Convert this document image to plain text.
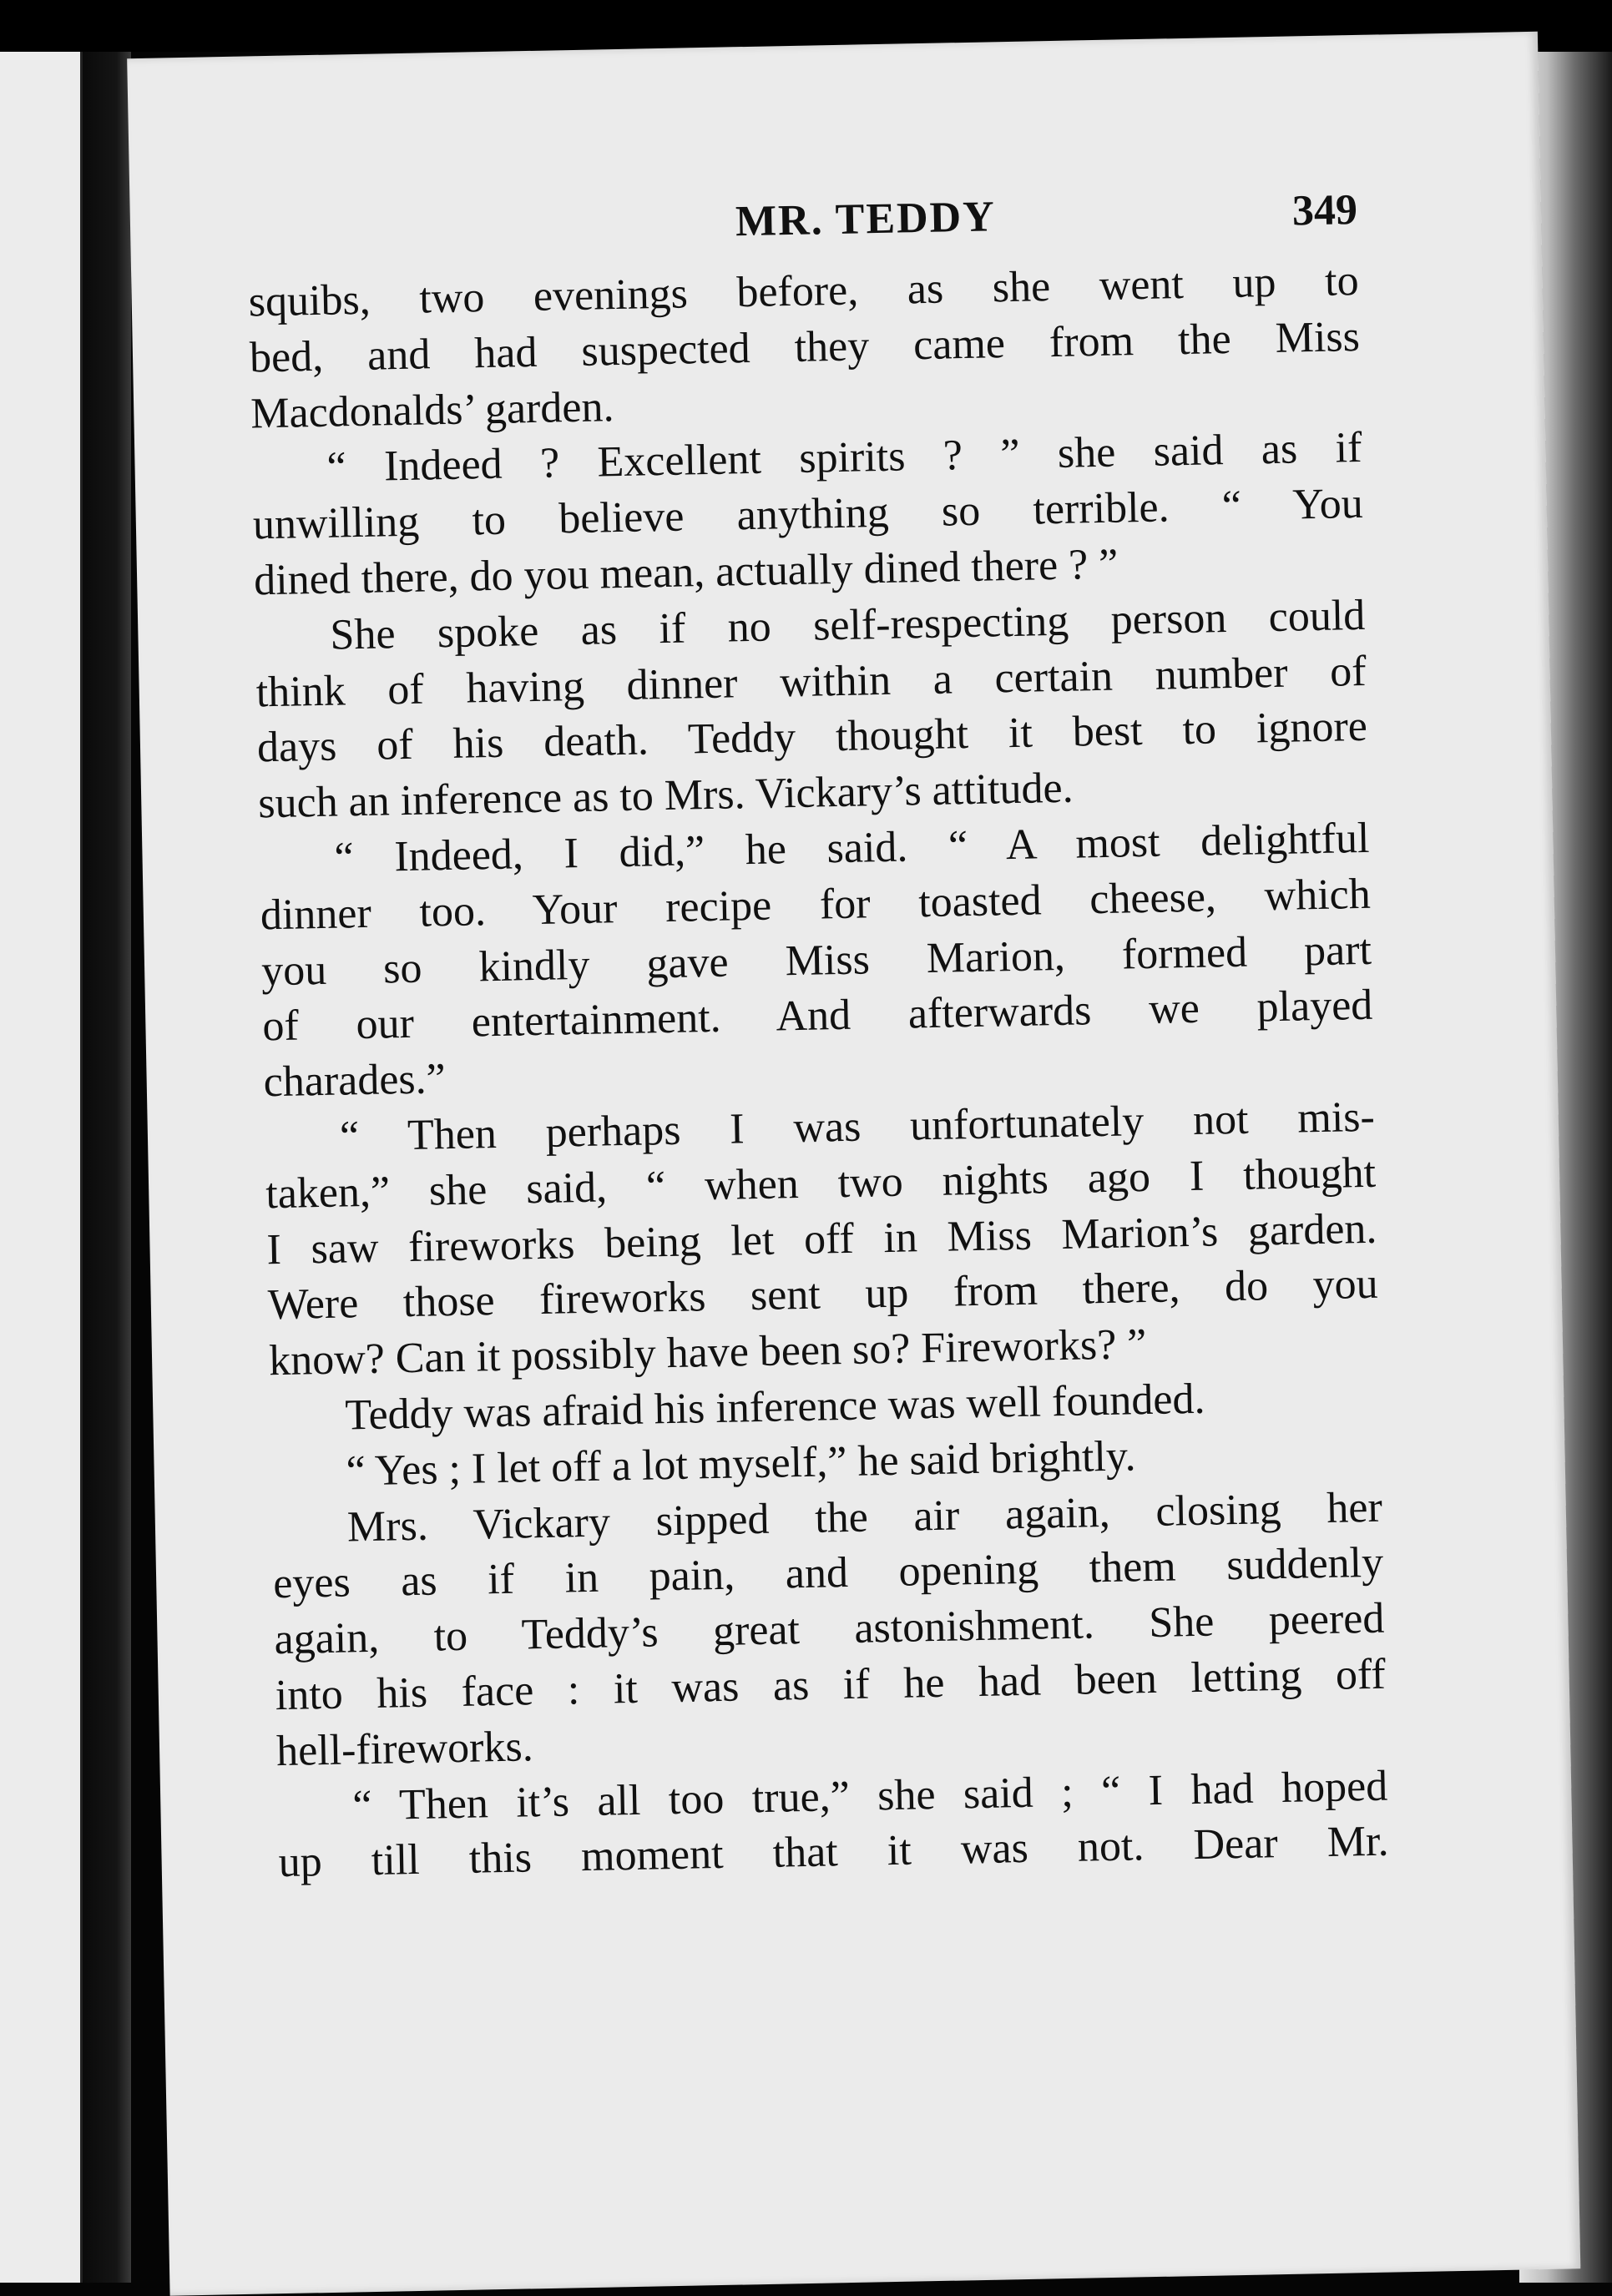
MR. TEDDY	349
squibs, two evenings before, as she went up to
bed, and had suspected they came from the Miss
Macdonalds’ garden.
“ Indeed ? Excellent spirits ? ” she said as if
unwilling to believe anything so terrible. “ You
dined there, do you mean, actually dined there ? ”
She spoke as if no self-respecting person could
think of having dinner within a certain number of
days of his death. Teddy thought it best to ignore
such an inference as to Mrs. Vickary’s attitude.
“ Indeed, I did,” he said. “ A most delightful
dinner too. Your recipe for toasted cheese, which
you so kindly gave Miss Marion, formed part
of our entertainment. And afterwards we played
charades.”
“ Then perhaps I was unfortunately not mis-
taken,” she said, “ when two nights ago I thought
I saw fireworks being let off in Miss Marion’s garden.
Were those fireworks sent up from there, do you
know? Can it possibly have been so? Fireworks? ”
Teddy was afraid his inference was well founded.
“ Yes ; I let off a lot myself,” he said brightly.
Mrs. Vickary sipped the air again, closing her
eyes as if in pain, and opening them suddenly
again, to Teddy’s great astonishment. She peered
into his face : it was as if he had been letting off
hell-fireworks.
“ Then it’s all too true,” she said ; “ I had hoped
up till this moment that it was not. Dear Mr.
